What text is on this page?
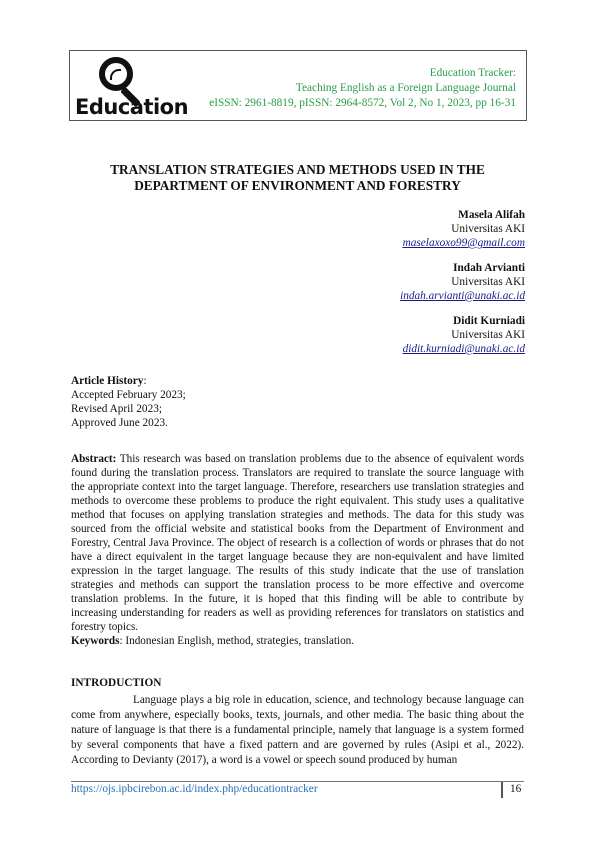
Education
Education Tracker:
Teaching English as a Foreign Language Journal
eISSN: 2961-8819, pISSN: 2964-8572, Vol 2, No 1, 2023, pp 16-31
TRANSLATION STRATEGIES AND METHODS USED IN THE
DEPARTMENT OF ENVIRONMENT AND FORESTRY
Masela Alifah
Universitas AKI
maselaxoxo99@gmail.com
Indah Arvianti
Universitas AKI
indah.arvianti@unaki.ac.id
Didit Kurniadi
Universitas AKI
didit.kurniadi@unaki.ac.id
Article History:
Accepted February 2023;
Revised April 2023;
Approved June 2023.
Abstract: This research was based on translation problems due to the absence of equivalent words found during the translation process. Translators are required to translate the source language with the appropriate context into the target language. Therefore, researchers use translation strategies and methods to overcome these problems to produce the right equivalent. This study uses a qualitative method that focuses on applying translation strategies and methods. The data for this study was sourced from the official website and statistical books from the Department of Environment and Forestry, Central Java Province. The object of research is a collection of words or phrases that do not have a direct equivalent in the target language because they are non-equivalent and have limited expression in the target language. The results of this study indicate that the use of translation strategies and methods can support the translation process to be more effective and overcome translation problems. In the future, it is hoped that this finding will be able to contribute by increasing understanding for readers as well as providing references for translators on statistics and forestry topics.
Keywords: Indonesian English, method, strategies, translation.
INTRODUCTION

Language plays a big role in education, science, and technology because language can come from anywhere, especially books, texts, journals, and other media. The basic thing about the nature of language is that there is a fundamental principle, namely that language is a system formed by several components that have a fixed pattern and are governed by rules (Asipi et al., 2022). According to Devianty (2017), a word is a vowel or speech sound produced by human

https://ojs.ipbcirebon.ac.id/index.php/educationtracker	16
